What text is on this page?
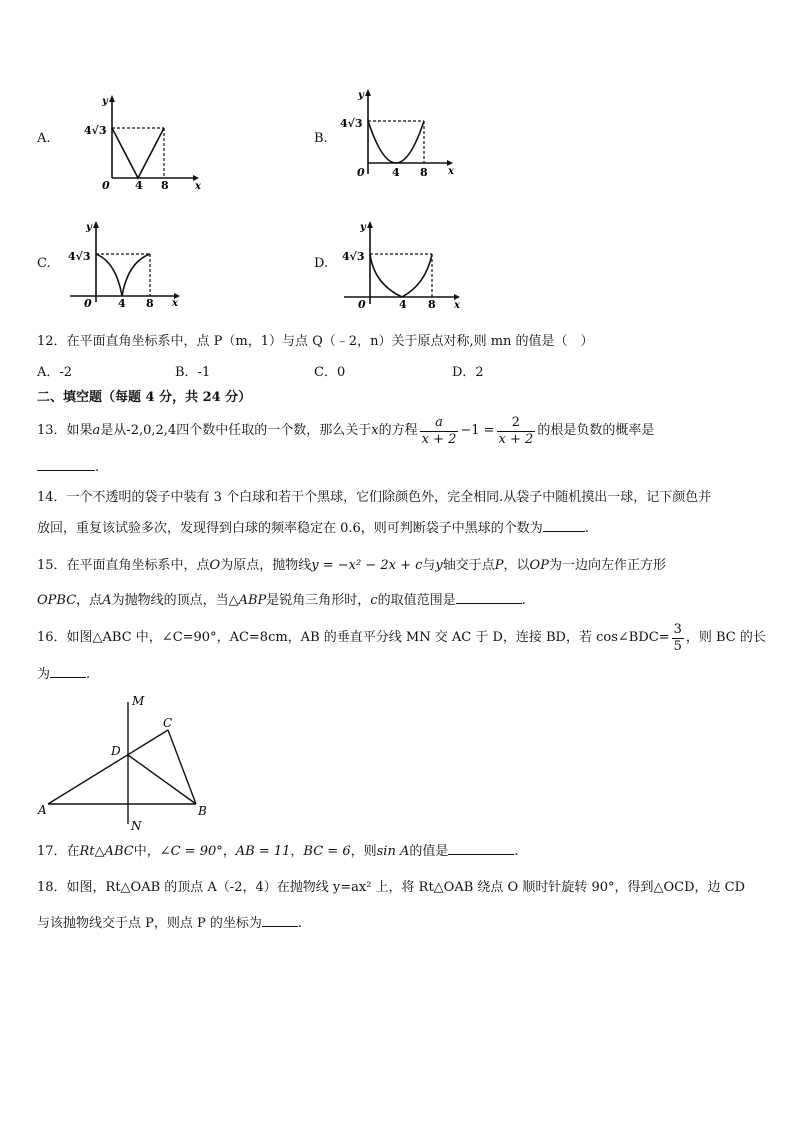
A.
4√3
y
x
0 4 8
B.
4√3
y
x
0 4 8
C. 4√3
y
x
0 4 8
D. 4√3
y
x
0	4 8
12．在平面直角坐标系中，点 P（m，1）与点 Q（﹣2，n）关于原点对称,则 mn 的值是（　）
A．-2	B．-1	C．0	D．2
二、填空题（每题 4 分，共 24 分）
13．如果 a 是从 -2,0,2,4 四个数中任取的一个数，那么关于 x 的方程 $\frac{a}{x + 2} -1 = \frac{2}{x + 2}$ 的根是负数的概率是
.
14．一个不透明的袋子中装有 3 个白球和若干个黑球，它们除颜色外，完全相同.从袋子中随机摸出一球，记下颜色并
放回，重复该试验多次，发现得到白球的频率稳定在 0.6，则可判断袋子中黑球的个数为	.
15．在平面直角坐标系中，点O为原点，抛物线y = −x² − 2x + c与y轴交于点P，以OP为一边向左作正方形
OPBC，点A为抛物线的顶点，当△ABP是锐角三角形时，c的取值范围是	.
16．如图△ABC 中，∠C=90°，AC=8cm，AB 的垂直平分线 MN 交 AC 于 D，连接 BD，若 cos∠BDC= $\frac{3}{5}$ ，则 BC 的长
为	.
M
N
A	B
C
D
17．在Rt△ABC中，∠C = 90°，AB = 11，BC = 6，则sin A的值是	.
18．如图，Rt△OAB 的顶点 A（-2，4）在抛物线 y=ax² 上，将 Rt△OAB 绕点 O 顺时针旋转 90°，得到△OCD，边 CD
与该抛物线交于点 P，则点 P 的坐标为	.
